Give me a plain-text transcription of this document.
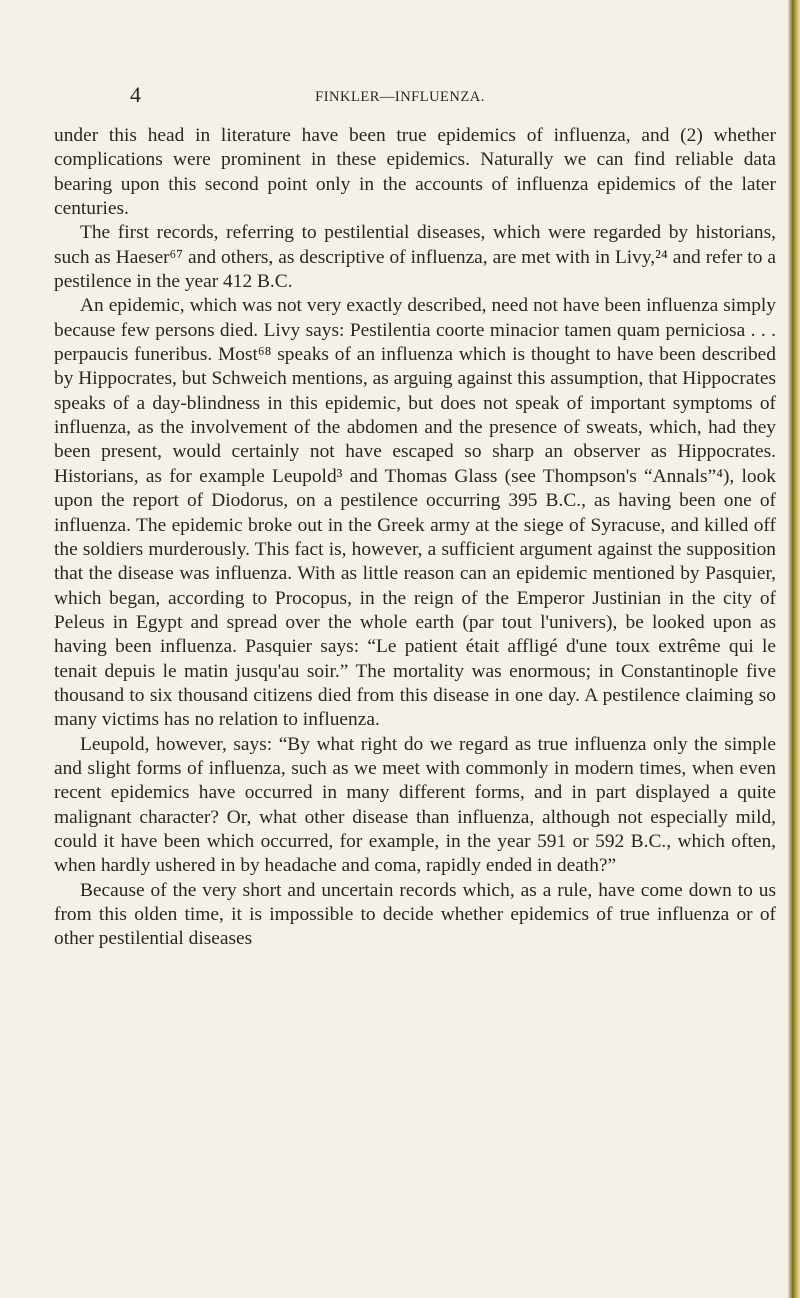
4	FINKLER—INFLUENZA.

under this head in literature have been true epidemics of influenza, and (2) whether complications were prominent in these epidemics. Naturally we can find reliable data bearing upon this second point only in the accounts of influenza epidemics of the later centuries.

The first records, referring to pestilential diseases, which were regarded by historians, such as Haeser⁶⁷ and others, as descriptive of influenza, are met with in Livy,²⁴ and refer to a pestilence in the year 412 B.C.

An epidemic, which was not very exactly described, need not have been influenza simply because few persons died. Livy says: Pestilentia coorte minacior tamen quam perniciosa . . . perpaucis funeribus. Most⁶⁸ speaks of an influenza which is thought to have been described by Hippocrates, but Schweich mentions, as arguing against this assumption, that Hippocrates speaks of a day-blindness in this epidemic, but does not speak of important symptoms of influenza, as the involvement of the abdomen and the presence of sweats, which, had they been present, would certainly not have escaped so sharp an observer as Hippocrates. Historians, as for example Leupold³ and Thomas Glass (see Thompson's “Annals”⁴), look upon the report of Diodorus, on a pestilence occurring 395 B.C., as having been one of influenza. The epidemic broke out in the Greek army at the siege of Syracuse, and killed off the soldiers murderously. This fact is, however, a sufficient argument against the supposition that the disease was influenza. With as little reason can an epidemic mentioned by Pasquier, which began, according to Procopus, in the reign of the Emperor Justinian in the city of Peleus in Egypt and spread over the whole earth (par tout l'univers), be looked upon as having been influenza. Pasquier says: “Le patient était affligé d'une toux extrême qui le tenait depuis le matin jusqu'au soir.” The mortality was enormous; in Constantinople five thousand to six thousand citizens died from this disease in one day. A pestilence claiming so many victims has no relation to influenza.

Leupold, however, says: “By what right do we regard as true influenza only the simple and slight forms of influenza, such as we meet with commonly in modern times, when even recent epidemics have occurred in many different forms, and in part displayed a quite malignant character? Or, what other disease than influenza, although not especially mild, could it have been which occurred, for example, in the year 591 or 592 B.C., which often, when hardly ushered in by headache and coma, rapidly ended in death?”

Because of the very short and uncertain records which, as a rule, have come down to us from this olden time, it is impossible to decide whether epidemics of true influenza or of other pestilential diseases
